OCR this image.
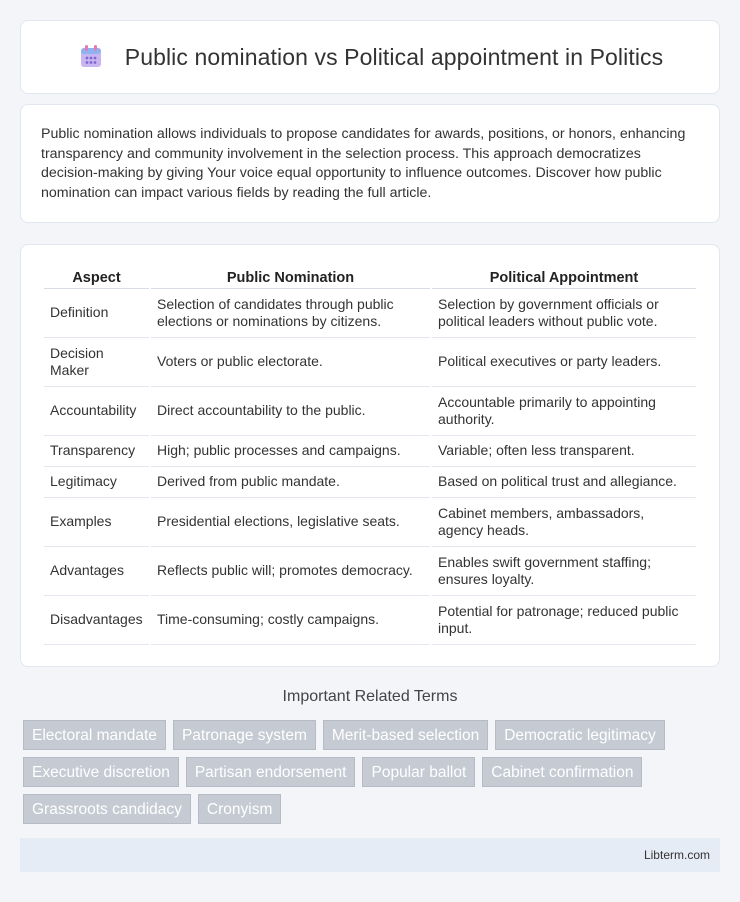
Public nomination vs Political appointment in Politics

Public nomination allows individuals to propose candidates for awards, positions, or honors, enhancing transparency and community involvement in the selection process. This approach democratizes decision-making by giving Your voice equal opportunity to influence outcomes. Discover how public nomination can impact various fields by reading the full article.

Aspect	Public Nomination	Political Appointment
Definition	Selection of candidates through public elections or nominations by citizens.	Selection by government officials or political leaders without public vote.
Decision Maker	Voters or public electorate.	Political executives or party leaders.
Accountability	Direct accountability to the public.	Accountable primarily to appointing authority.
Transparency	High; public processes and campaigns.	Variable; often less transparent.
Legitimacy	Derived from public mandate.	Based on political trust and allegiance.
Examples	Presidential elections, legislative seats.	Cabinet members, ambassadors, agency heads.
Advantages	Reflects public will; promotes democracy.	Enables swift government staffing; ensures loyalty.
Disadvantages	Time-consuming; costly campaigns.	Potential for patronage; reduced public input.
Important Related Terms
Electoral mandate	Patronage system	Merit-based selection	Democratic legitimacy
Executive discretion	Partisan endorsement	Popular ballot	Cabinet confirmation
Grassroots candidacy	Cronyism
Libterm.com
